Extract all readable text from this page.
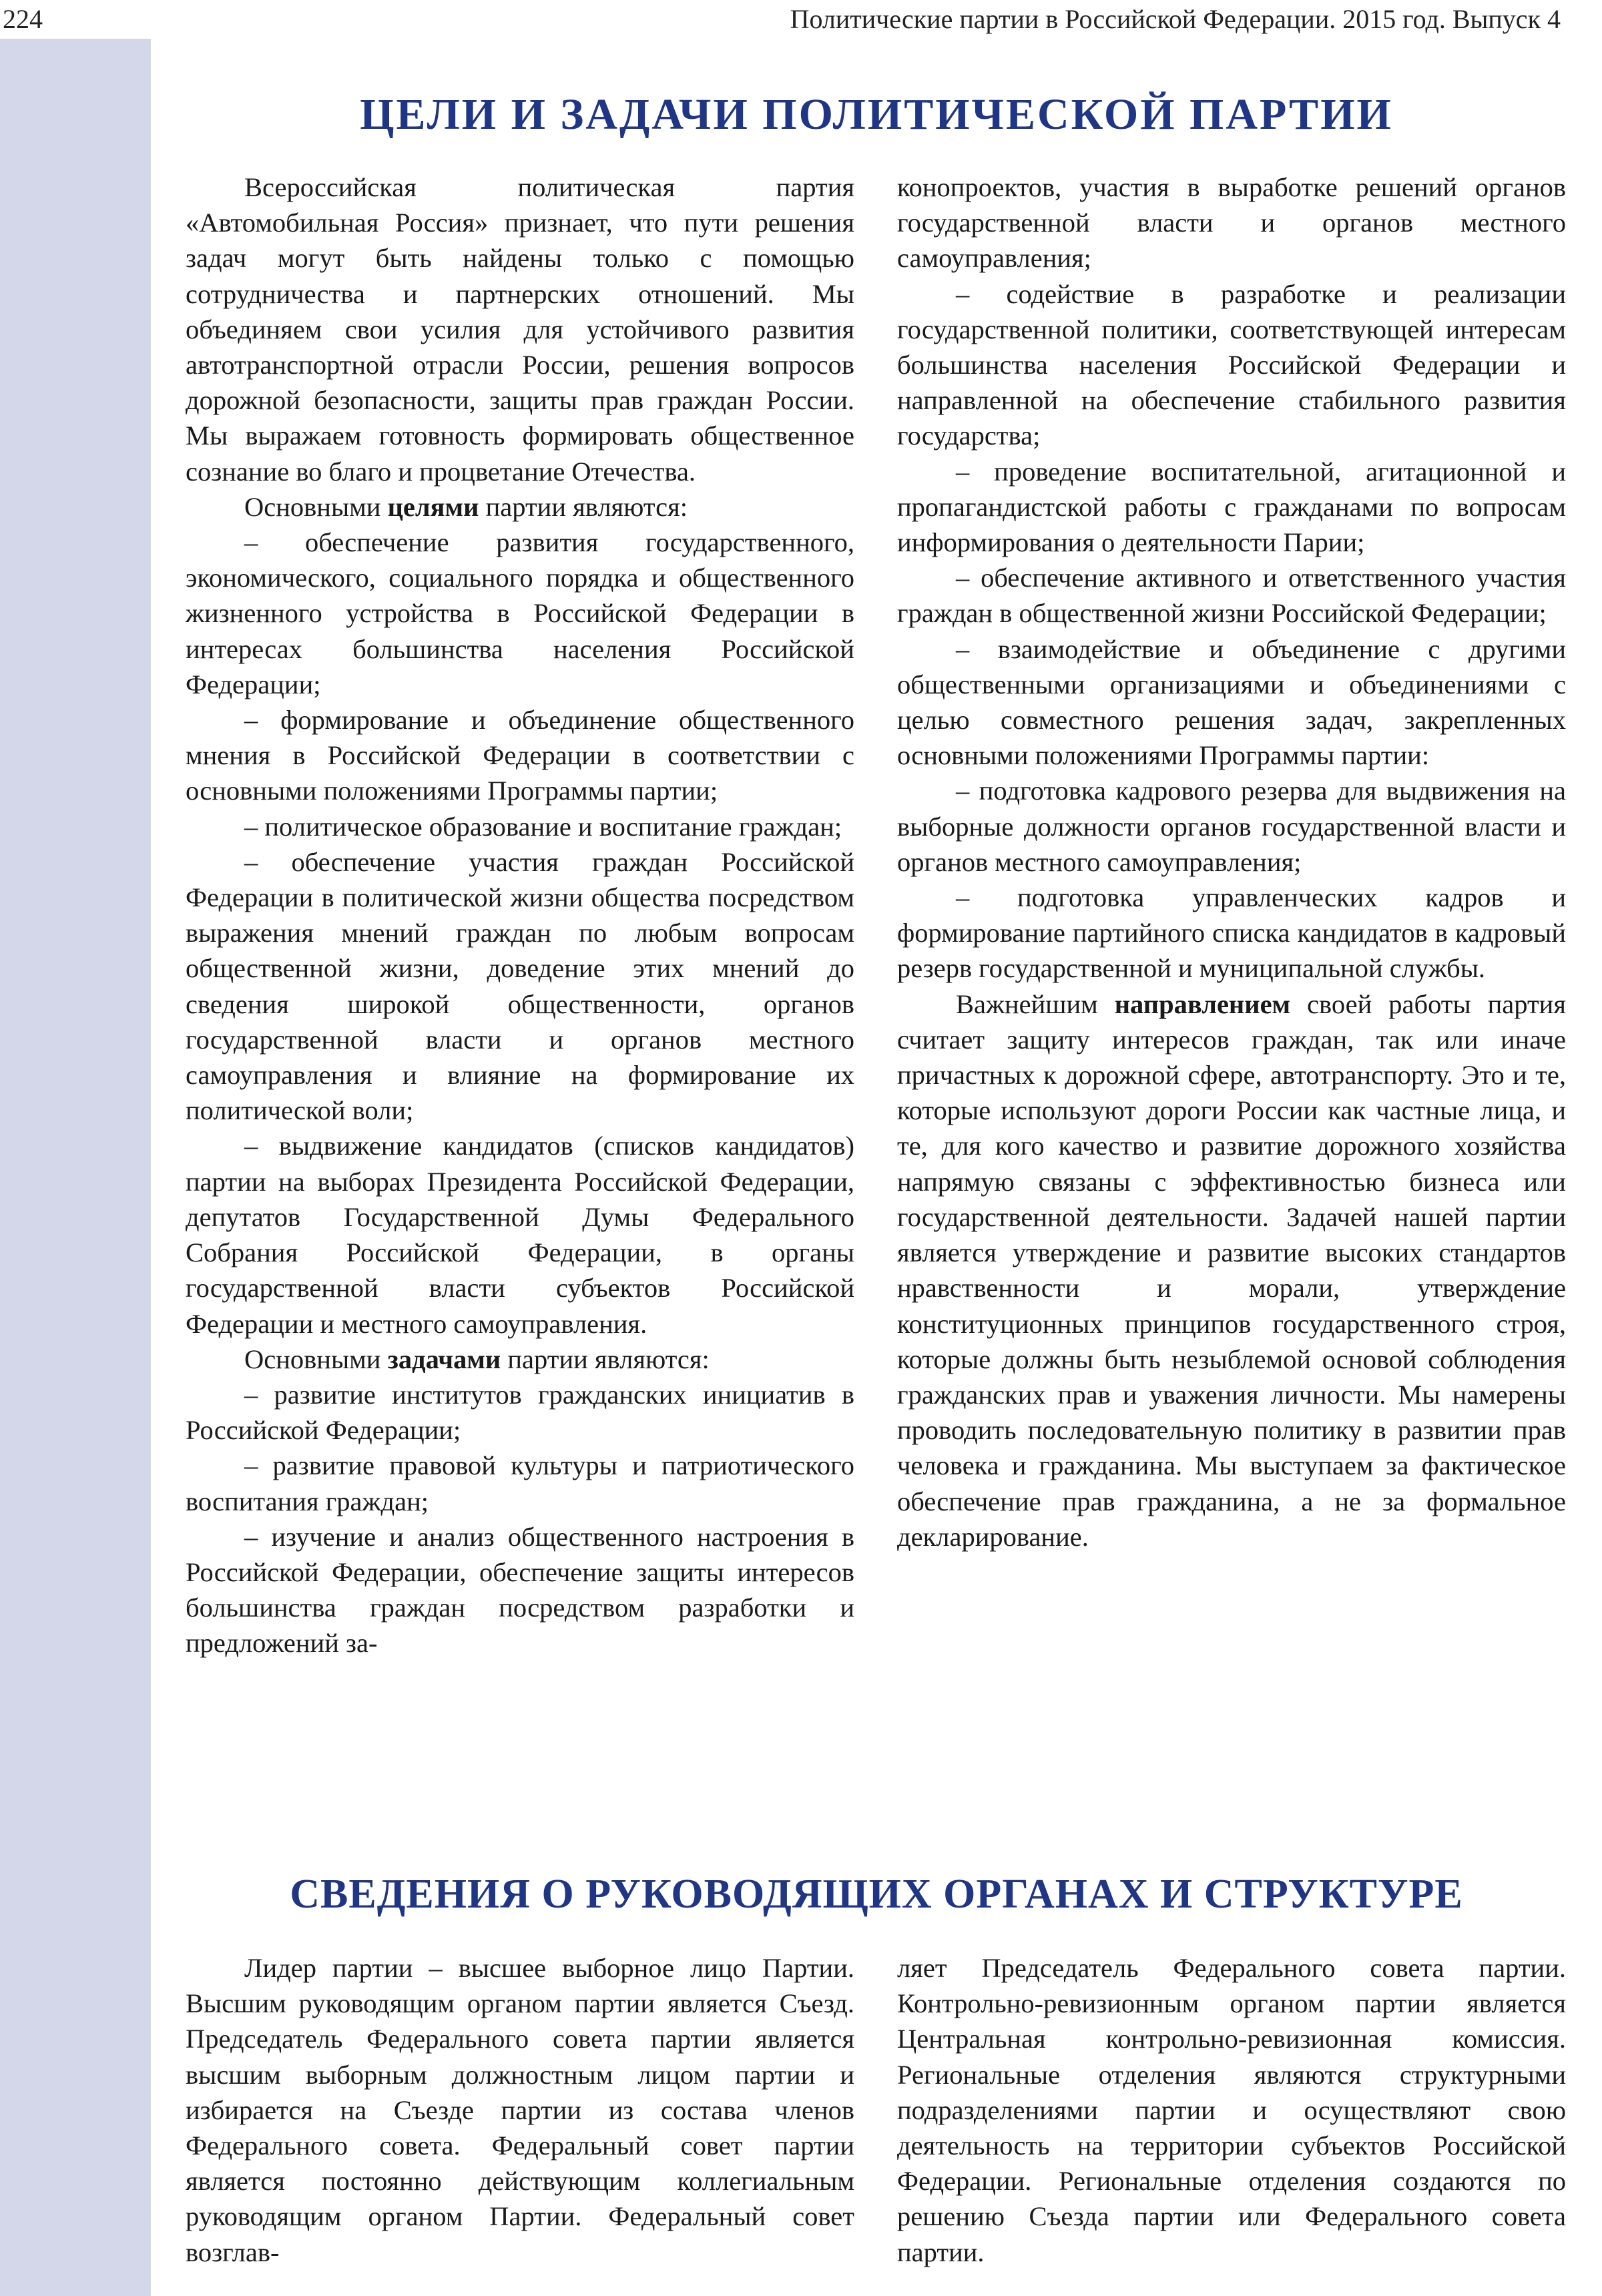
224	Политические партии в Российской Федерации. 2015 год. Выпуск 4
ЦЕЛИ И ЗАДАЧИ ПОЛИТИЧЕСКОЙ ПАРТИИ

Всероссийская политическая партия «Автомобильная Россия» признает, что пути решения задач могут быть найдены только с помощью сотрудничества и партнерских отношений. Мы объединяем свои усилия для устойчивого развития автотранспортной отрасли России, решения вопросов дорожной безопасности, защиты прав граждан России. Мы выражаем готовность формировать общественное сознание во благо и процветание Отечества.

Основными целями партии являются:

– обеспечение развития государственного, экономического, социального порядка и общественного жизненного устройства в Российской Федерации в интересах большинства населения Российской Федерации;

– формирование и объединение общественного мнения в Российской Федерации в соответствии с основными положениями Программы партии;

– политическое образование и воспитание граждан;

– обеспечение участия граждан Российской Федерации в политической жизни общества посредством выражения мнений граждан по любым вопросам общественной жизни, доведение этих мнений до сведения широкой общественности, органов государственной власти и органов местного самоуправления и влияние на формирование их политической воли;

– выдвижение кандидатов (списков кандидатов) партии на выборах Президента Российской Федерации, депутатов Государственной Думы Федерального Собрания Российской Федерации, в органы государственной власти субъектов Российской Федерации и местного самоуправления.

Основными задачами партии являются:

– развитие институтов гражданских инициатив в Российской Федерации;

– развитие правовой культуры и патриотического воспитания граждан;

– изучение и анализ общественного настроения в Российской Федерации, обеспечение защиты интересов большинства граждан посредством разработки и предложений за-

конопроектов, участия в выработке решений органов государственной власти и органов местного самоуправления;

– содействие в разработке и реализации государственной политики, соответствующей интересам большинства населения Российской Федерации и направленной на обеспечение стабильного развития государства;

– проведение воспитательной, агитационной и пропагандистской работы с гражданами по вопросам информирования о деятельности Парии;

– обеспечение активного и ответственного участия граждан в общественной жизни Российской Федерации;

– взаимодействие и объединение с другими общественными организациями и объединениями с целью совместного решения задач, закрепленных основными положениями Программы партии:

– подготовка кадрового резерва для выдвижения на выборные должности органов государственной власти и органов местного самоуправления;

– подготовка управленческих кадров и формирование партийного списка кандидатов в кадровый резерв государственной и муниципальной службы.

Важнейшим направлением своей работы партия считает защиту интересов граждан, так или иначе причастных к дорожной сфере, автотранспорту. Это и те, которые используют дороги России как частные лица, и те, для кого качество и развитие дорожного хозяйства напрямую связаны с эффективностью бизнеса или государственной деятельности. Задачей нашей партии является утверждение и развитие высоких стандартов нравственности и морали, утверждение конституционных принципов государственного строя, которые должны быть незыблемой основой соблюдения гражданских прав и уважения личности. Мы намерены проводить последовательную политику в развитии прав человека и гражданина. Мы выступаем за фактическое обеспечение прав гражданина, а не за формальное декларирование.

СВЕДЕНИЯ О РУКОВОДЯЩИХ ОРГАНАХ И СТРУКТУРЕ

Лидер партии – высшее выборное лицо Партии. Высшим руководящим органом партии является Съезд. Председатель Федерального совета партии является высшим выборным должностным лицом партии и избирается на Съезде партии из состава членов Федерального совета. Федеральный совет партии является постоянно действующим коллегиальным руководящим органом Партии. Федеральный совет возглав-

ляет Председатель Федерального совета партии. Контрольно-ревизионным органом партии является Центральная контрольно-ревизионная комиссия. Региональные отделения являются структурными подразделениями партии и осуществляют свою деятельность на территории субъектов Российской Федерации. Региональные отделения создаются по решению Съезда партии или Федерального совета партии.
